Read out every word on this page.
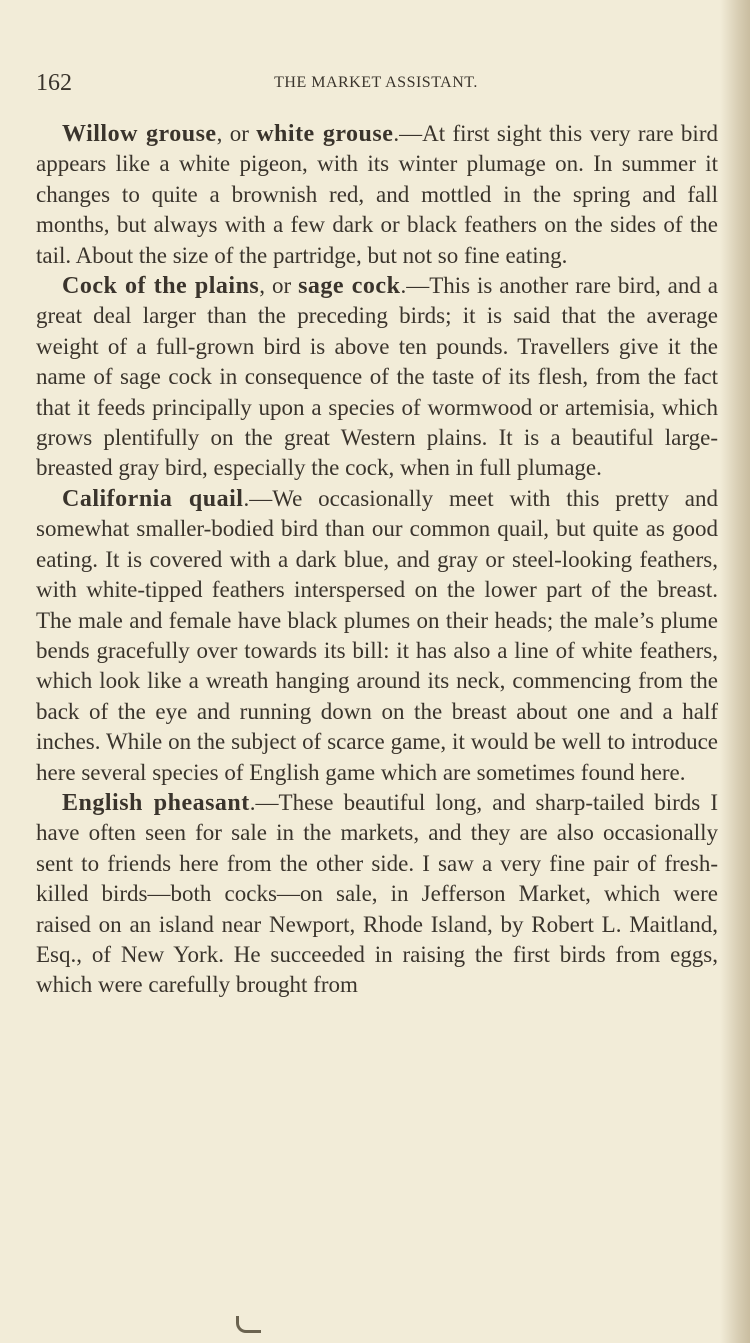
162	THE MARKET ASSISTANT.

Willow grouse, or white grouse.—At first sight this very rare bird appears like a white pigeon, with its winter plumage on. In summer it changes to quite a brownish red, and mottled in the spring and fall months, but always with a few dark or black feathers on the sides of the tail. About the size of the partridge, but not so fine eating.

Cock of the plains, or sage cock.—This is another rare bird, and a great deal larger than the preceding birds; it is said that the average weight of a full-grown bird is above ten pounds. Travellers give it the name of sage cock in consequence of the taste of its flesh, from the fact that it feeds principally upon a species of wormwood or artemisia, which grows plentifully on the great Western plains. It is a beautiful large-breasted gray bird, especially the cock, when in full plumage.

California quail.—We occasionally meet with this pretty and somewhat smaller-bodied bird than our common quail, but quite as good eating. It is covered with a dark blue, and gray or steel-looking feathers, with white-tipped feathers interspersed on the lower part of the breast. The male and female have black plumes on their heads; the male’s plume bends gracefully over towards its bill: it has also a line of white feathers, which look like a wreath hanging around its neck, commencing from the back of the eye and running down on the breast about one and a half inches. While on the subject of scarce game, it would be well to introduce here several species of English game which are sometimes found here.

English pheasant.—These beautiful long, and sharp-tailed birds I have often seen for sale in the markets, and they are also occasionally sent to friends here from the other side. I saw a very fine pair of fresh-killed birds—both cocks—on sale, in Jefferson Market, which were raised on an island near Newport, Rhode Island, by Robert L. Maitland, Esq., of New York. He succeeded in raising the first birds from eggs, which were carefully brought from
